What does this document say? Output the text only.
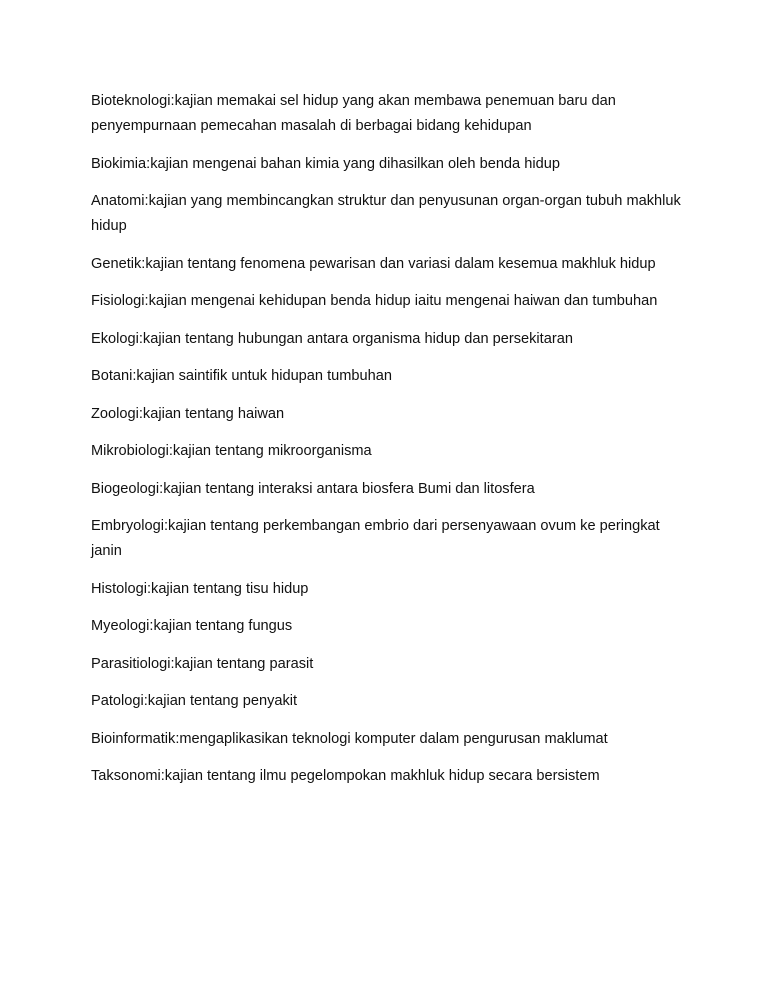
Bioteknologi:kajian memakai sel hidup yang akan membawa penemuan baru dan penyempurnaan pemecahan masalah di berbagai bidang kehidupan

Biokimia:kajian mengenai bahan kimia yang dihasilkan oleh benda hidup

Anatomi:kajian yang membincangkan struktur dan penyusunan organ-organ tubuh makhluk hidup

Genetik:kajian tentang fenomena pewarisan dan variasi dalam kesemua makhluk hidup

Fisiologi:kajian mengenai kehidupan benda hidup iaitu mengenai haiwan dan tumbuhan

Ekologi:kajian tentang hubungan antara organisma hidup dan persekitaran

Botani:kajian saintifik untuk hidupan tumbuhan

Zoologi:kajian tentang haiwan

Mikrobiologi:kajian tentang mikroorganisma

Biogeologi:kajian tentang interaksi antara biosfera Bumi dan litosfera

Embryologi:kajian tentang perkembangan embrio dari persenyawaan ovum ke peringkat janin

Histologi:kajian tentang tisu hidup

Myeologi:kajian tentang fungus

Parasitiologi:kajian tentang parasit

Patologi:kajian tentang penyakit

Bioinformatik:mengaplikasikan teknologi komputer dalam pengurusan maklumat

Taksonomi:kajian tentang ilmu pegelompokan makhluk hidup secara bersistem
